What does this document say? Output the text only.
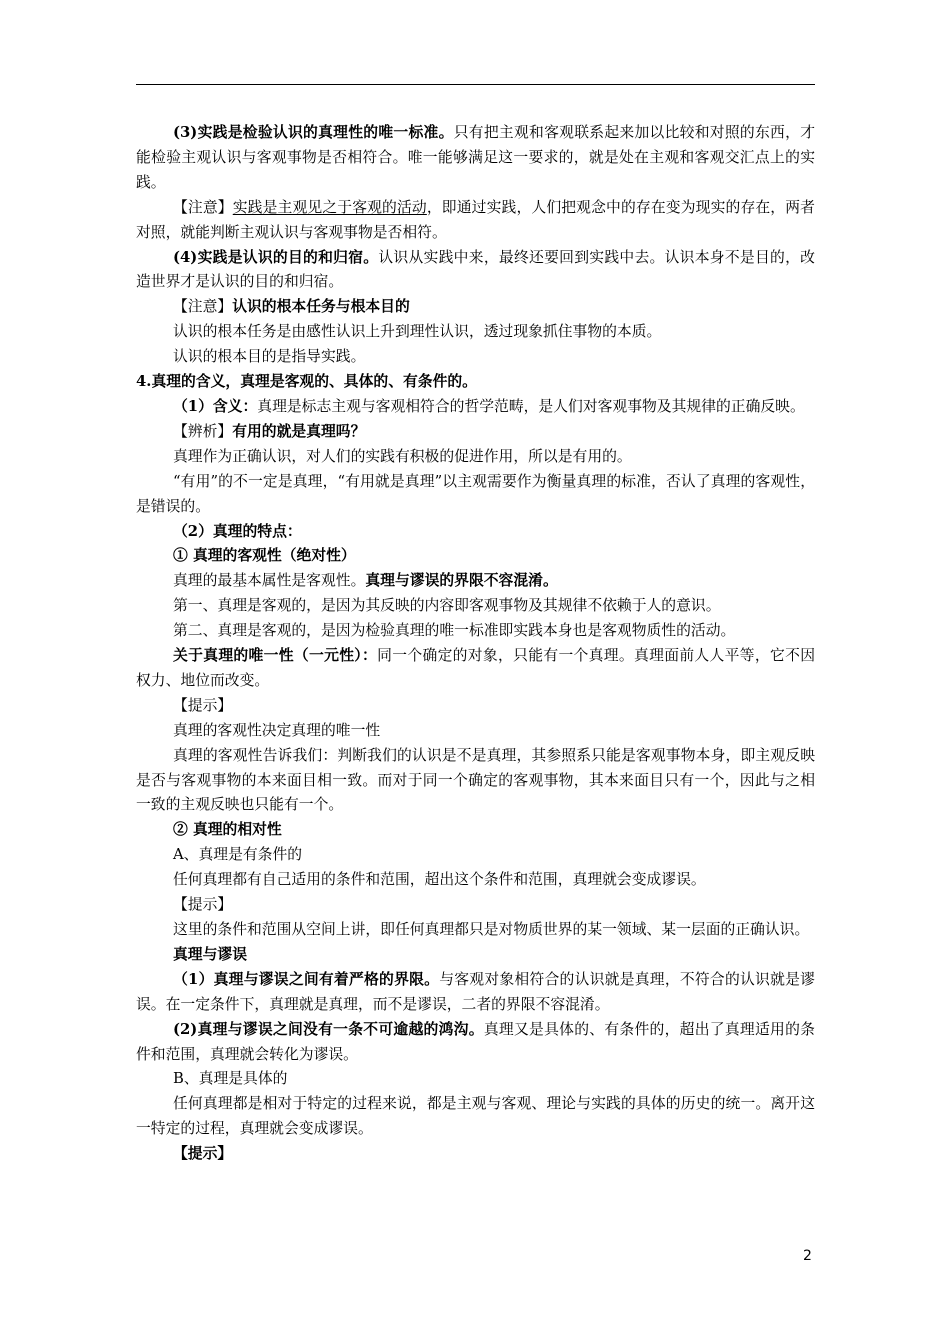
(3)实践是检验认识的真理性的唯一标准。只有把主观和客观联系起来加以比较和对照的东西，才能检验主观认识与客观事物是否相符合。唯一能够满足这一要求的，就是处在主观和客观交汇点上的实践。

【注意】实践是主观见之于客观的活动，即通过实践，人们把观念中的存在变为现实的存在，两者对照，就能判断主观认识与客观事物是否相符。

(4)实践是认识的目的和归宿。认识从实践中来，最终还要回到实践中去。认识本身不是目的，改造世界才是认识的目的和归宿。

【注意】认识的根本任务与根本目的

认识的根本任务是由感性认识上升到理性认识，透过现象抓住事物的本质。

认识的根本目的是指导实践。

4.真理的含义，真理是客观的、具体的、有条件的。

（1）含义：真理是标志主观与客观相符合的哲学范畴，是人们对客观事物及其规律的正确反映。

【辨析】有用的就是真理吗？

真理作为正确认识，对人们的实践有积极的促进作用，所以是有用的。

“有用”的不一定是真理，“有用就是真理”以主观需要作为衡量真理的标准，否认了真理的客观性，是错误的。

（2）真理的特点：

① 真理的客观性（绝对性）

真理的最基本属性是客观性。真理与谬误的界限不容混淆。

第一、真理是客观的，是因为其反映的内容即客观事物及其规律不依赖于人的意识。

第二、真理是客观的，是因为检验真理的唯一标准即实践本身也是客观物质性的活动。

关于真理的唯一性（一元性）：同一个确定的对象，只能有一个真理。真理面前人人平等，它不因权力、地位而改变。

【提示】

真理的客观性决定真理的唯一性

真理的客观性告诉我们：判断我们的认识是不是真理，其参照系只能是客观事物本身，即主观反映是否与客观事物的本来面目相一致。而对于同一个确定的客观事物，其本来面目只有一个，因此与之相一致的主观反映也只能有一个。

② 真理的相对性

A、真理是有条件的

任何真理都有自己适用的条件和范围，超出这个条件和范围，真理就会变成谬误。

【提示】

这里的条件和范围从空间上讲，即任何真理都只是对物质世界的某一领域、某一层面的正确认识。

真理与谬误

（1）真理与谬误之间有着严格的界限。与客观对象相符合的认识就是真理，不符合的认识就是谬误。在一定条件下，真理就是真理，而不是谬误，二者的界限不容混淆。

(2)真理与谬误之间没有一条不可逾越的鸿沟。真理又是具体的、有条件的，超出了真理适用的条件和范围，真理就会转化为谬误。

B、真理是具体的

任何真理都是相对于特定的过程来说，都是主观与客观、理论与实践的具体的历史的统一。离开这一特定的过程，真理就会变成谬误。

【提示】

2
